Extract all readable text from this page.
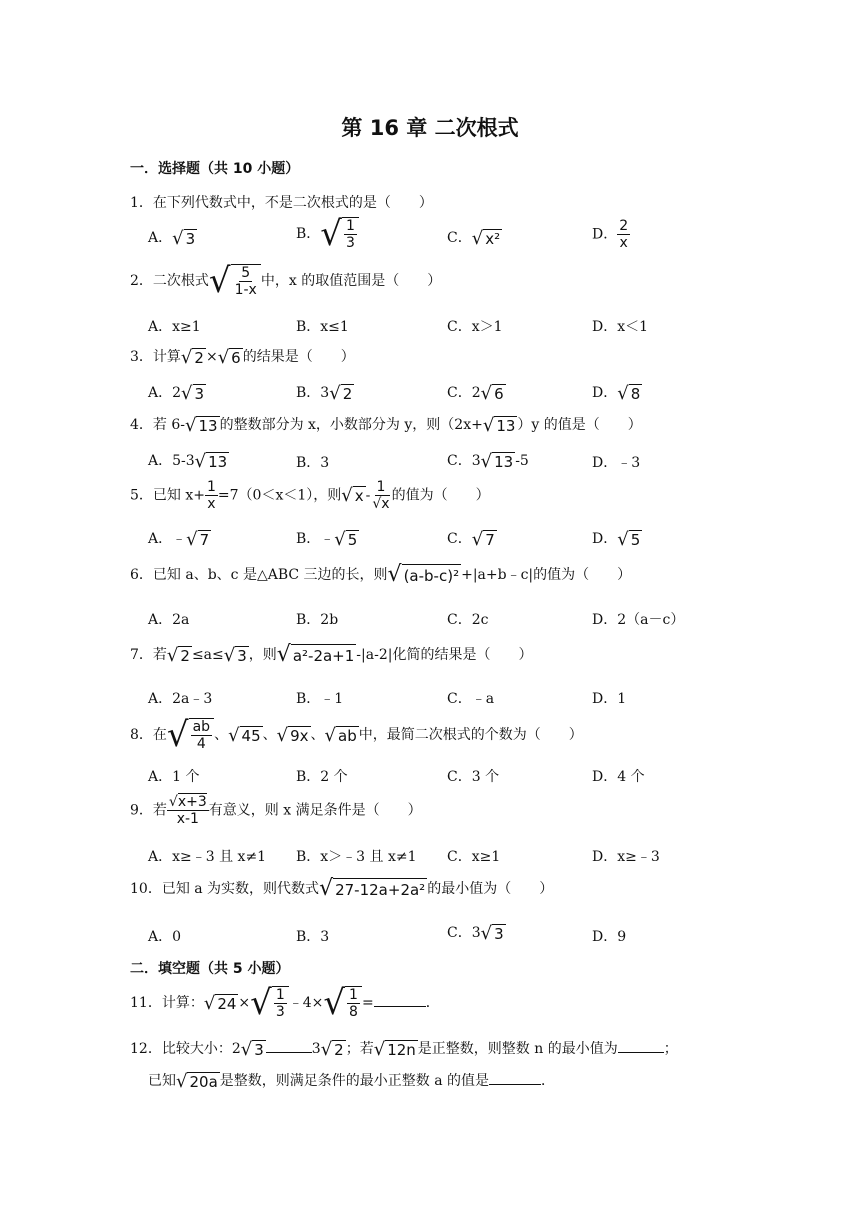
第 16 章 二次根式
一．选择题（共 10 小题）
1．在下列代数式中，不是二次根式的是（　　）
A． √ 3	B． √ $\frac{1}{3}$	C． √ x²	D． $\frac{2}{x}$
2．二次根式 √ $\frac{5}{1-x}$ 中，x 的取值范围是（　　）
A．x≥1	B．x≤1	C．x＞1	D．x＜1
3．计算 √ 2 × √ 6 的结果是（　　）
A．2 √ 3	B．3 √ 2	C．2 √ 6	D． √ 8
4．若 6- √ 13 的整数部分为 x，小数部分为 y，则（2x+ √ 13 ）y 的值是（　　）
A．5-3 √ 13	B．3	C．3 √ 13 -5	D．﹣3
5．已知 $x+ \frac{1}{x} =7(0<x<1)$，则 √ x - $\frac{1}{√x}$ 的值为（　　）
A．﹣ √ 7	B．﹣ √ 5	C． √ 7	D． √ 5
6．已知 a、b、c 是△ABC 三边的长，则 √ (a-b-c)² +|a+b﹣c|的值为（　　）
A．2a	B．2b	C．2c	D．2（a－c）
7．若 √ 2 ≤a≤ √ 3 ，则 √ a²-2a+1 -|a-2|化简的结果是（　　）
A．2a﹣3	B．﹣1	C．﹣a	D．1
8．在 √ $\frac{ab}{4}$ 、 √ 45 、 √ 9x 、 √ ab 中，最简二次根式的个数为（　　）
A．1 个	B．2 个	C．3 个	D．4 个
9．若 $\frac{√x+3}{x-1}$ 有意义，则 x 满足条件是（　　）
A．x≥﹣3 且 x≠1 B．x＞﹣3 且 x≠1 C．x≥1	D．x≥﹣3
10．已知 a 为实数，则代数式 √ 27-12a+2a² 的最小值为（　　）
A．0	B．3	C．3 √ 3	D．9
二．填空题（共 5 小题）
11．计算： √ 24 × √ $\frac{1}{3}$ ﹣4× √ $\frac{1}{8}$ =	．
12．比较大小：2 √ 3	3 √ 2 ；若 √ 12n 是正整数，则整数 n 的最小值为	；
已知 √ 20a 是整数，则满足条件的最小正整数 a 的值是	．
